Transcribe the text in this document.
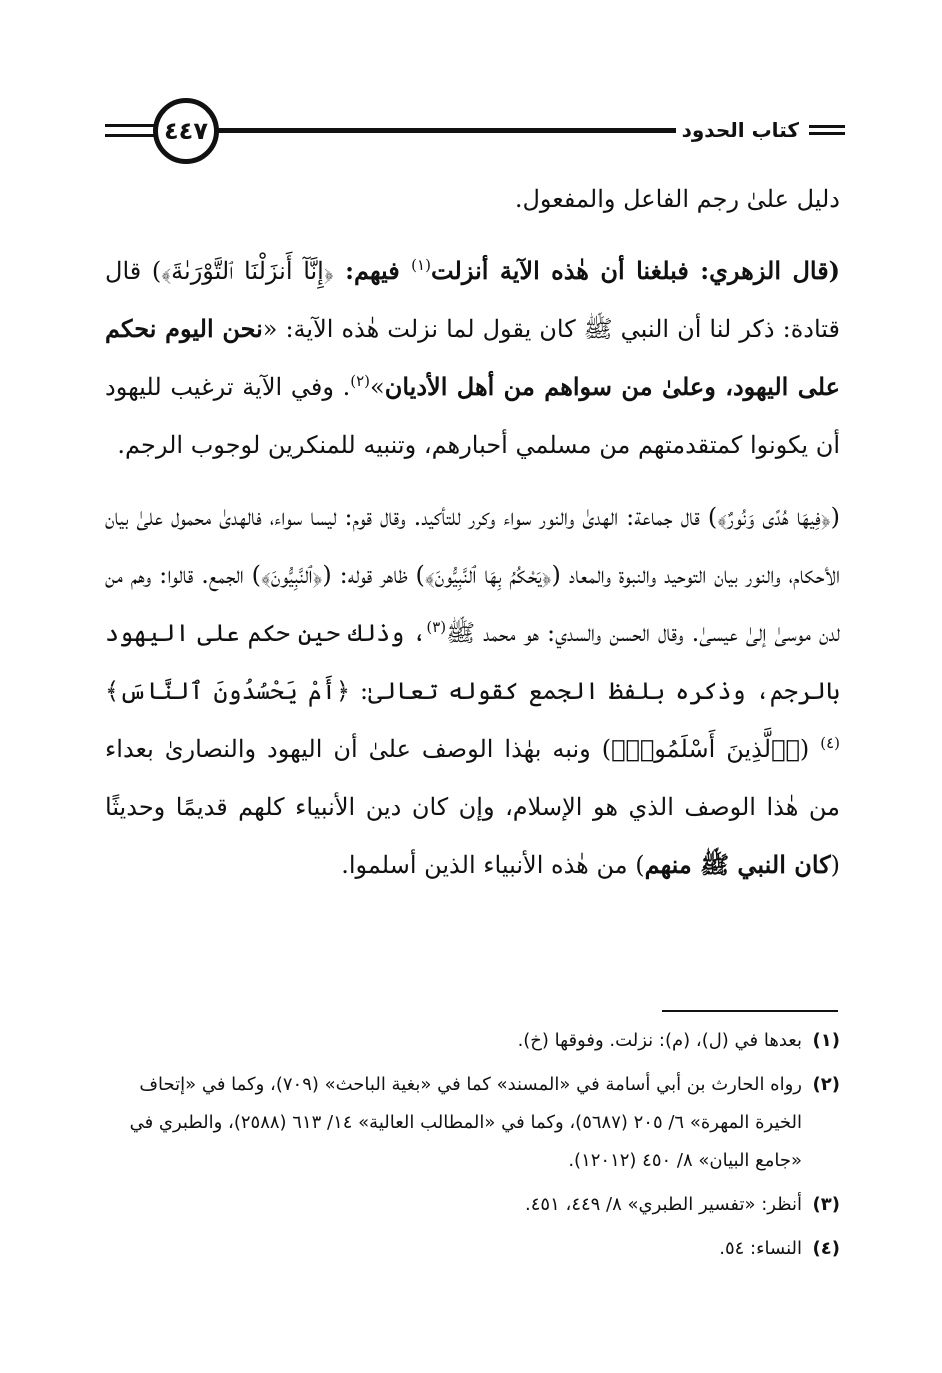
٤٤٧	كتاب الحدود

دليل علىٰ رجم الفاعل والمفعول.

(قال الزهري: فبلغنا أن هٰذه الآية أنزلت$^{(١)}$ فيهم: ﴿إِنَّآ أَنزَلْنَا ٱلتَّوْرَىٰةَ﴾) قال قتادة: ذكر لنا أن النبي ﷺ كان يقول لما نزلت هٰذه الآية: «نحن اليوم نحكم على اليهود، وعلىٰ من سواهم من أهل الأديان»$^{(٢)}$. وفي الآية ترغيب لليهود أن يكونوا كمتقدمتهم من مسلمي أحبارهم، وتنبيه للمنكرين لوجوب الرجم.

(﴿فِيهَا هُدًى وَنُورٌ﴾) قال جماعة: الهدىٰ والنور سواء وكرر للتأكيد. وقال قوم: ليسا سواء، فالهدىٰ محمول علىٰ بيان الأحكام، والنور بيان التوحيد والنبوة والمعاد (﴿يَحْكُمُ بِهَا ٱلنَّبِيُّونَ﴾) ظاهر قوله: (﴿ٱلنَّبِيُّونَ﴾) الجمع. قالوا: وهم من لدن موسىٰ إلىٰ عيسىٰ. وقال الحسن والسدي: هو محمد ﷺ$^{(٣)}$، وذلك حين حكم على اليهود بالرجم، وذكره بلفظ الجمع كقوله تعالىٰ: ﴿أَمْ يَحْسُدُونَ ٱلنَّاسَ﴾$^{(٤)}$ (﴿ٱلَّذِينَ أَسْلَمُوا۟﴾) ونبه بهٰذا الوصف علىٰ أن اليهود والنصارىٰ بعداء من هٰذا الوصف الذي هو الإسلام، وإن كان دين الأنبياء كلهم قديمًا وحديثًا (كان النبي ﷺ منهم) من هٰذه الأنبياء الذين أسلموا.

(١)
بعدها في (ل)، (م): نزلت. وفوقها (خ).
(٢)
رواه الحارث بن أبي أسامة في «المسند» كما في «بغية الباحث» (٧٠٩)، وكما في «إتحاف الخيرة المهرة» ٦/ ٢٠٥ (٥٦٨٧)، وكما في «المطالب العالية» ١٤/ ٦١٣ (٢٥٨٨)، والطبري في «جامع البيان» ٨/ ٤٥٠ (١٢٠١٢).
(٣)
أنظر: «تفسير الطبري» ٨/ ٤٤٩، ٤٥١.
(٤)
النساء: ٥٤.
